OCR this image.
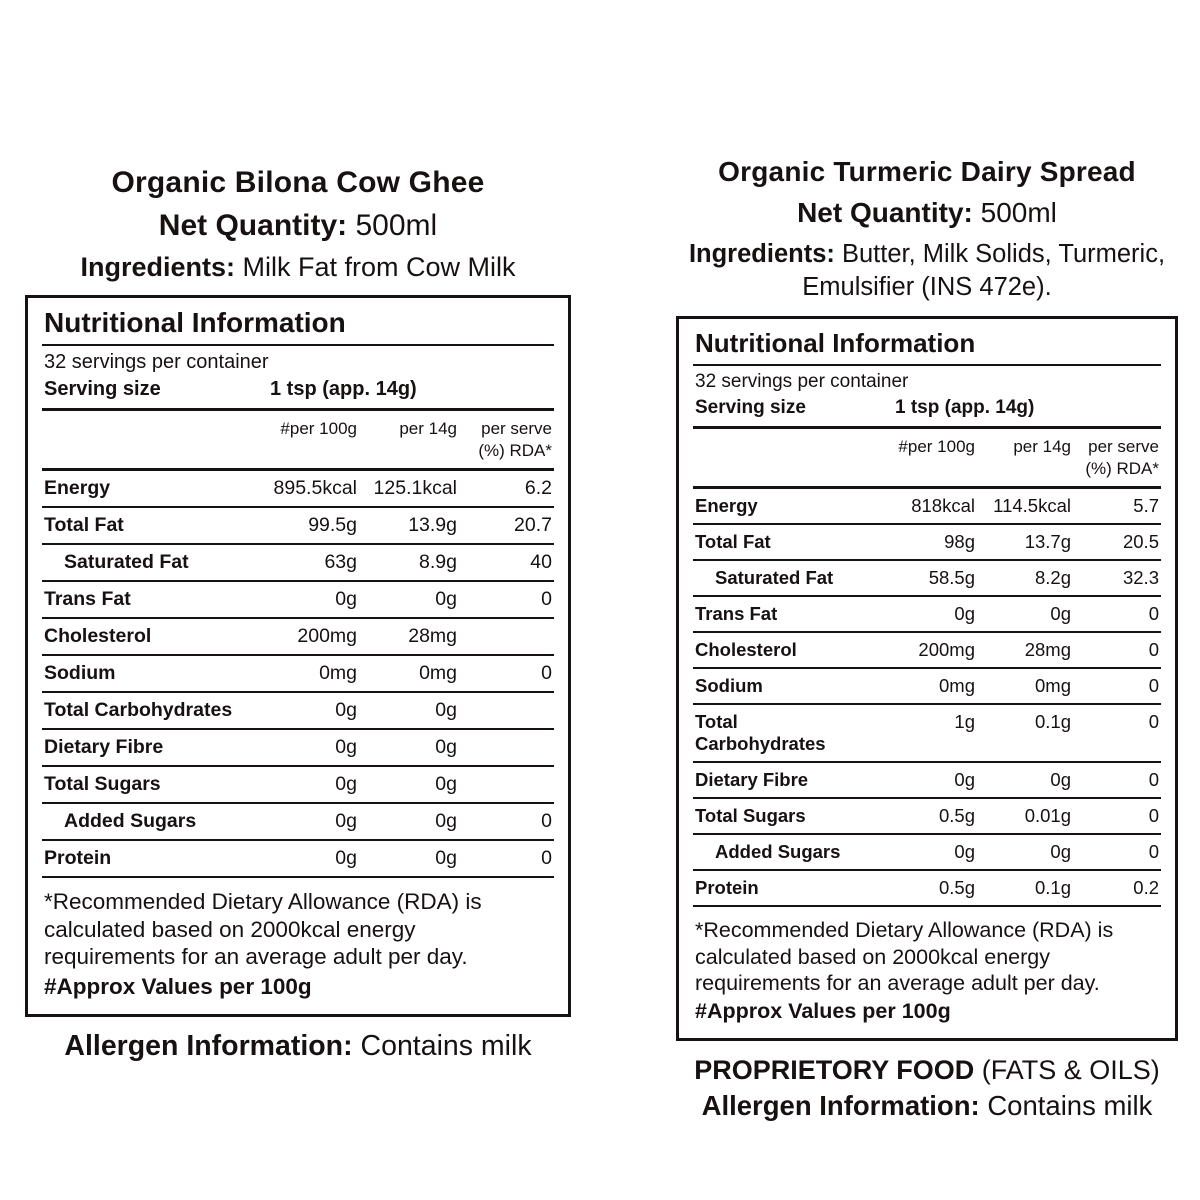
Organic Bilona Cow Ghee
Net Quantity: 500ml
Ingredients: Milk Fat from Cow Milk
Nutritional Information
32 servings per container
Serving size	1 tsp (app. 14g)
#per 100g	per 14g	per serve
(%) RDA*
Energy	895.5kcal 125.1kcal	6.2
Total Fat	99.5g	13.9g	20.7
Saturated Fat	63g	8.9g	40
Trans Fat	0g	0g	0
Cholesterol	200mg	28mg
Sodium	0mg	0mg	0
Total Carbohydrates	0g	0g
Dietary Fibre	0g	0g
Total Sugars	0g	0g
Added Sugars	0g	0g	0
Protein	0g	0g	0

*Recommended Dietary Allowance (RDA) is calculated based on 2000kcal energy requirements for an average adult per day.

#Approx Values per 100g

Allergen Information: Contains milk
Organic Turmeric Dairy Spread
Net Quantity: 500ml
Ingredients: Butter, Milk Solids, Turmeric, Emulsifier (INS 472e).
Nutritional Information
32 servings per container
Serving size	1 tsp (app. 14g)
#per 100g	per 14g	per serve
(%) RDA*
Energy	818kcal 114.5kcal	5.7
Total Fat	98g	13.7g	20.5
Saturated Fat	58.5g	8.2g	32.3
Trans Fat	0g	0g	0
Cholesterol	200mg	28mg	0
Sodium	0mg	0mg	0
Total Carbohydrates
1g	0.1g	0
Dietary Fibre	0g	0g	0
Total Sugars	0.5g	0.01g	0
Added Sugars	0g	0g	0
Protein	0.5g	0.1g	0.2

*Recommended Dietary Allowance (RDA) is calculated based on 2000kcal energy requirements for an average adult per day.

#Approx Values per 100g

PROPRIETORY FOOD (FATS & OILS)
Allergen Information: Contains milk
